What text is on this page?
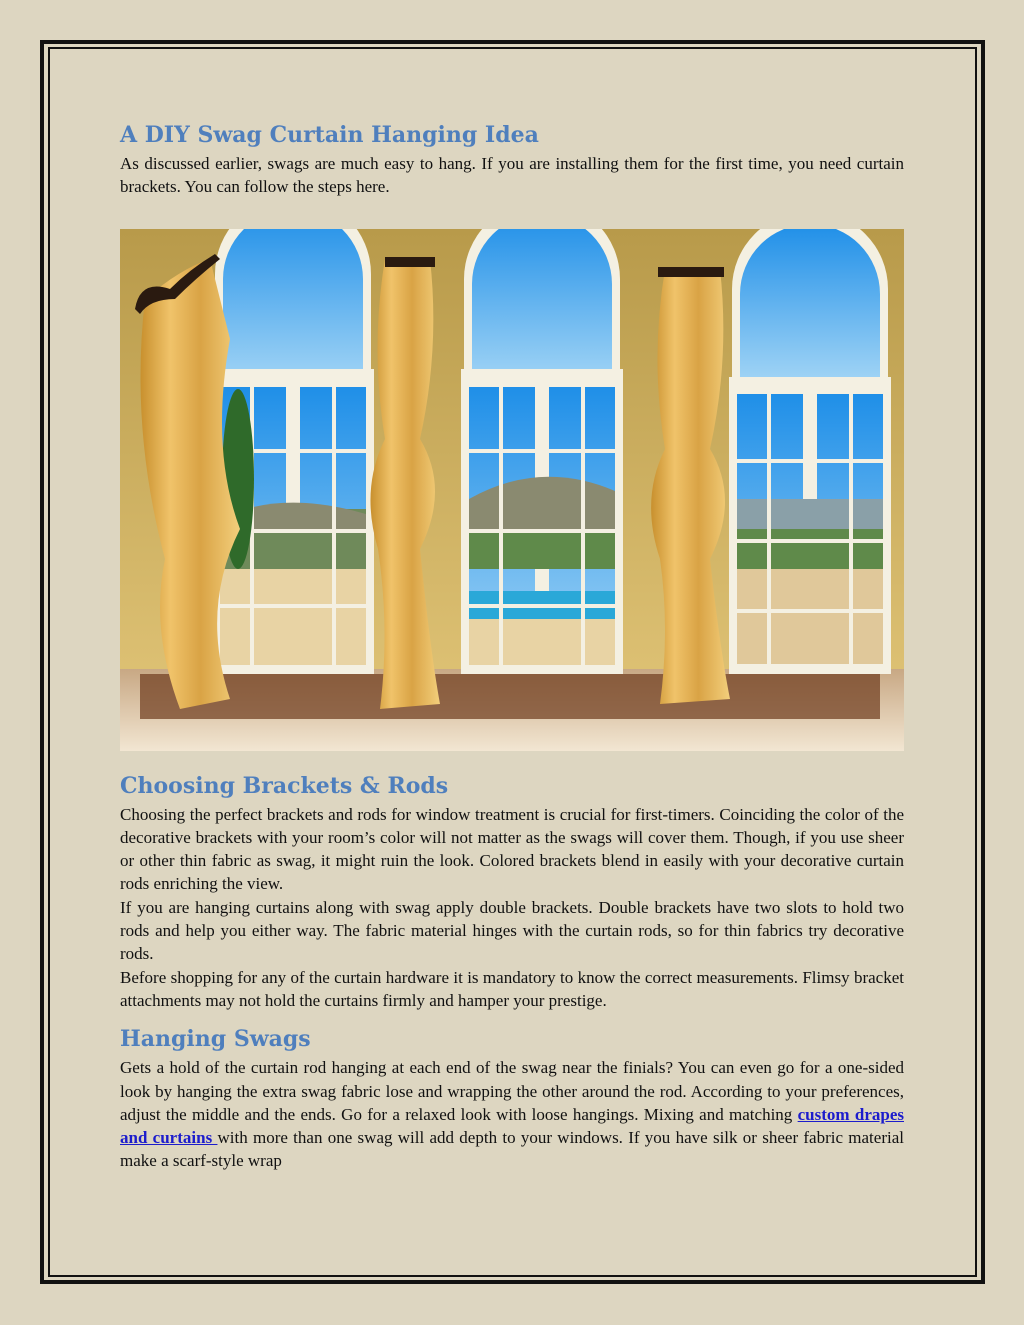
A DIY Swag Curtain Hanging Idea

As discussed earlier, swags are much easy to hang. If you are installing them for the first time, you need curtain brackets. You can follow the steps here.

Choosing Brackets & Rods

Choosing the perfect brackets and rods for window treatment is crucial for first-timers. Coinciding the color of the decorative brackets with your room’s color will not matter as the swags will cover them. Though, if you use sheer or other thin fabric as swag, it might ruin the look. Colored brackets blend in easily with your decorative curtain rods enriching the view.

If you are hanging curtains along with swag apply double brackets. Double brackets have two slots to hold two rods and help you either way. The fabric material hinges with the curtain rods, so for thin fabrics try decorative rods.

Before shopping for any of the curtain hardware it is mandatory to know the correct measurements. Flimsy bracket attachments may not hold the curtains firmly and hamper your prestige.

Hanging Swags

Gets a hold of the curtain rod hanging at each end of the swag near the finials? You can even go for a one-sided look by hanging the extra swag fabric lose and wrapping the other around the rod. According to your preferences, adjust the middle and the ends. Go for a relaxed look with loose hangings. Mixing and matching custom drapes and curtains with more than one swag will add depth to your windows. If you have silk or sheer fabric material make a scarf-style wrap
